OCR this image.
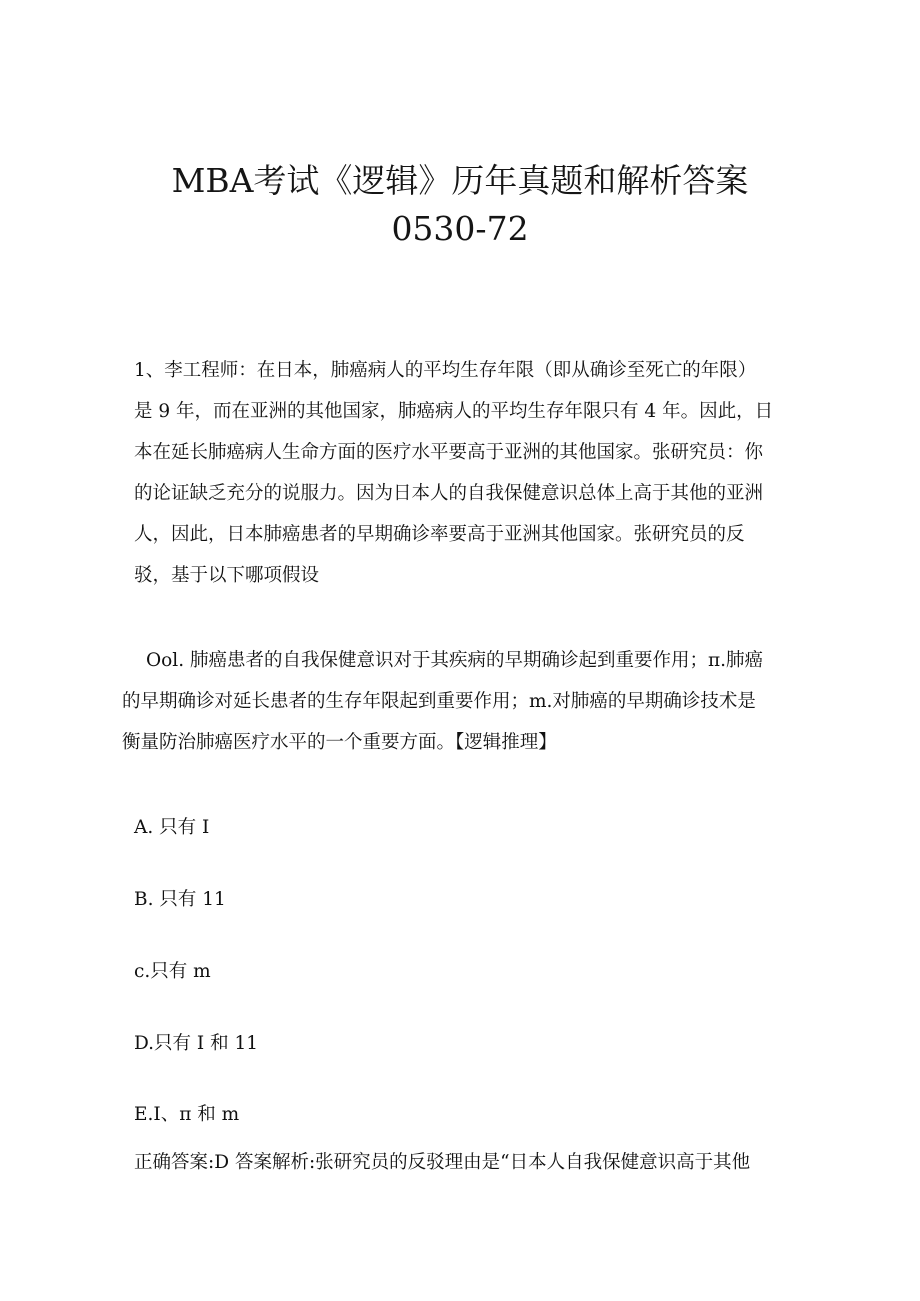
MBA考试《逻辑》历年真题和解析答案
0530-72
1、李工程师：在日本，肺癌病人的平均生存年限（即从确诊至死亡的年限）
是 9 年，而在亚洲的其他国家，肺癌病人的平均生存年限只有 4 年。因此，日
本在延长肺癌病人生命方面的医疗水平要高于亚洲的其他国家。张研究员：你
的论证缺乏充分的说服力。因为日本人的自我保健意识总体上高于其他的亚洲
人，因此，日本肺癌患者的早期确诊率要高于亚洲其他国家。张研究员的反
驳，基于以下哪项假设
Ool. 肺癌患者的自我保健意识对于其疾病的早期确诊起到重要作用；π.肺癌
的早期确诊对延长患者的生存年限起到重要作用；m.对肺癌的早期确诊技术是
衡量防治肺癌医疗水平的一个重要方面。【逻辑推理】
A. 只有 I
B. 只有 11
c.只有 m
D.只有 I 和 11
E.I、π 和 m
正确答案:D 答案解析:张研究员的反驳理由是“日本人自我保健意识高于其他
